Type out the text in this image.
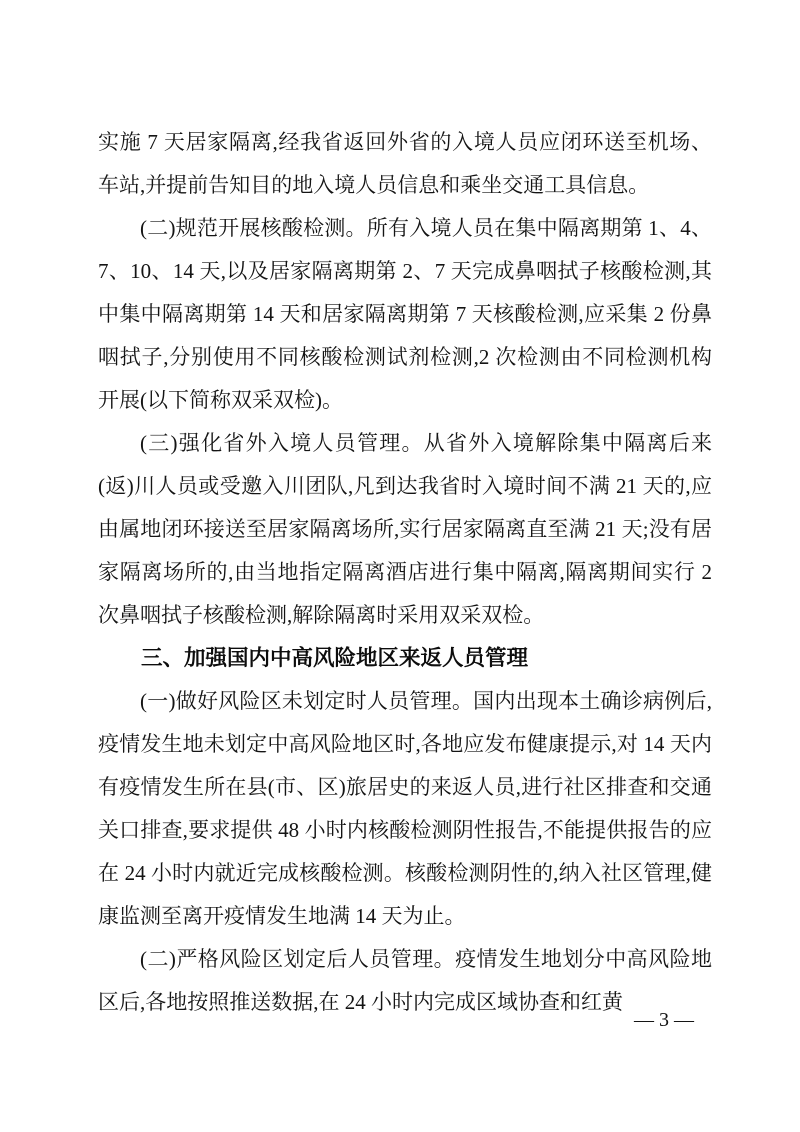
实施 7 天居家隔离,经我省返回外省的入境人员应闭环送至机场、车站,并提前告知目的地入境人员信息和乘坐交通工具信息。

(二)规范开展核酸检测。所有入境人员在集中隔离期第 1、4、7、10、14 天,以及居家隔离期第 2、7 天完成鼻咽拭子核酸检测,其中集中隔离期第 14 天和居家隔离期第 7 天核酸检测,应采集 2 份鼻咽拭子,分别使用不同核酸检测试剂检测,2 次检测由不同检测机构开展(以下简称双采双检)。

(三)强化省外入境人员管理。从省外入境解除集中隔离后来(返)川人员或受邀入川团队,凡到达我省时入境时间不满 21 天的,应由属地闭环接送至居家隔离场所,实行居家隔离直至满 21 天;没有居家隔离场所的,由当地指定隔离酒店进行集中隔离,隔离期间实行 2 次鼻咽拭子核酸检测,解除隔离时采用双采双检。

三、加强国内中高风险地区来返人员管理

(一)做好风险区未划定时人员管理。国内出现本土确诊病例后,疫情发生地未划定中高风险地区时,各地应发布健康提示,对 14 天内有疫情发生所在县(市、区)旅居史的来返人员,进行社区排查和交通关口排查,要求提供 48 小时内核酸检测阴性报告,不能提供报告的应在 24 小时内就近完成核酸检测。核酸检测阴性的,纳入社区管理,健康监测至离开疫情发生地满 14 天为止。

(二)严格风险区划定后人员管理。疫情发生地划分中高风险地区后,各地按照推送数据,在 24 小时内完成区域协查和红黄

— 3 —
